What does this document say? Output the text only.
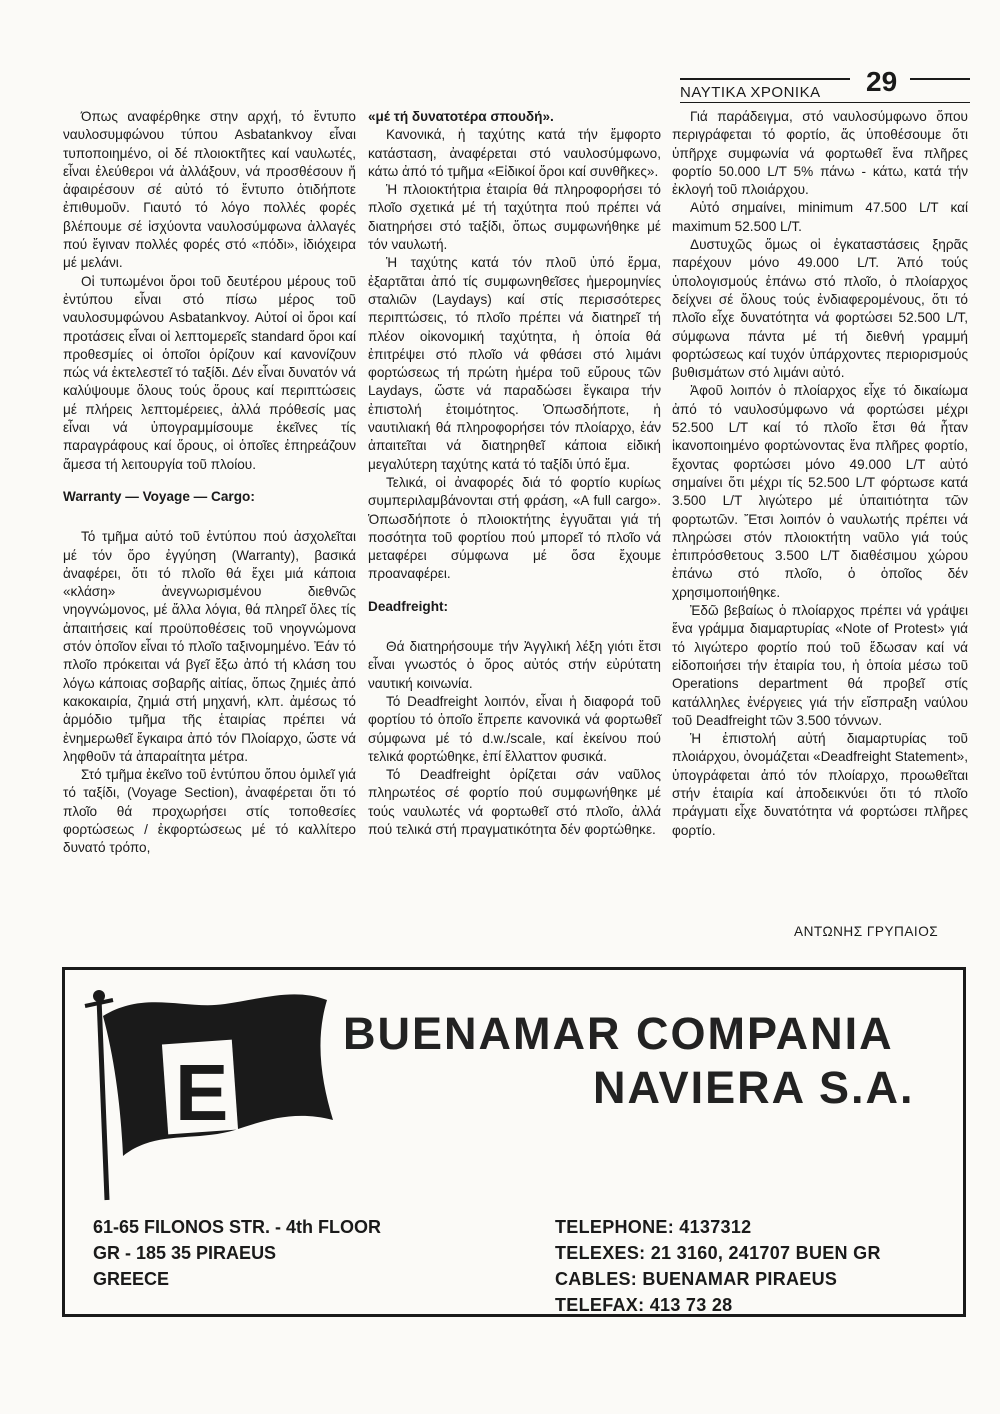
ΝΑΥΤΙΚΑ ΧΡΟΝΙΚΑ 29

Όπως αναφέρθηκε στην αρχή, τό ἔντυπο ναυλοσυμφώνου τύπου Asbatankvoy εἶναι τυποποιημένο, οἱ δέ πλοιοκτῆτες καί ναυλωτές, εἶναι ἐλεύθεροι νά ἀλλάξουν, νά προσθέσουν ἤ ἀφαιρέσουν σέ αὐτό τό ἔντυπο ὁτιδήποτε ἐπιθυμοῦν. Γιαυτό τό λόγο πολλές φορές βλέπουμε σέ ἰσχύοντα ναυλοσύμφωνα ἀλλαγές πού ἔγιναν πολλές φορές στό «πόδι», ἰδιόχειρα μέ μελάνι.

Οἱ τυπωμένοι ὅροι τοῦ δευτέρου μέρους τοῦ ἐντύπου εἶναι στό πίσω μέρος τοῦ ναυλοσυμφώνου Asbatankvoy. Αὐτοί οἱ ὅροι καί προτάσεις εἶναι οἱ λεπτομερεῖς standard ὅροι καί προθεσμίες οἱ ὁποῖοι ὁρίζουν καί κανονίζουν πώς νά ἐκτελεστεῖ τό ταξίδι. Δέν εἶναι δυνατόν νά καλύψουμε ὅλους τούς ὅρους καί περιπτώσεις μέ πλήρεις λεπτομέρειες, ἀλλά πρόθεσίς μας εἶναι νά ὑπογραμμίσουμε ἐκεῖνες τίς παραγράφους καί ὅρους, οἱ ὁποῖες ἐπηρεάζουν ἄμεσα τή λειτουργία τοῦ πλοίου.

Warranty — Voyage — Cargo:

Τό τμῆμα αὐτό τοῦ ἐντύπου πού ἀσχολεῖται μέ τόν ὅρο ἐγγύηση (Warranty), βασικά ἀναφέρει, ὅτι τό πλοῖο θά ἔχει μιά κάποια «κλάση» ἀνεγνωρισμένου διεθνῶς νηογνώμονος, μέ ἄλλα λόγια, θά πληρεῖ ὅλες τίς ἀπαιτήσεις καί προϋποθέσεις τοῦ νηογνώμονα στόν ὁποῖον εἶναι τό πλοῖο ταξινομημένο. Ἐάν τό πλοῖο πρόκειται νά βγεῖ ἔξω ἀπό τή κλάση του λόγω κάποιας σοβαρῆς αἰτίας, ὅπως ζημιές ἀπό κακοκαιρία, ζημιά στή μηχανή, κλπ. ἀμέσως τό ἁρμόδιο τμῆμα τῆς ἑταιρίας πρέπει νά ἐνημερωθεῖ ἔγκαιρα ἀπό τόν Πλοίαρχο, ὥστε νά ληφθοῦν τά ἀπαραίτητα μέτρα.

Στό τμῆμα ἐκεῖνο τοῦ ἐντύπου ὅπου ὁμιλεῖ γιά τό ταξίδι, (Voyage Section), ἀναφέρεται ὅτι τό πλοῖο θά προχωρήσει στίς τοποθεσίες φορτώσεως / ἐκφορτώσεως μέ τό καλλίτερο δυνατό τρόπο,

«μέ τή δυνατοτέρα σπουδή».

Κανονικά, ἡ ταχύτης κατά τήν ἔμφορτο κατάσταση, ἀναφέρεται στό ναυλοσύμφωνο, κάτω ἀπό τό τμῆμα «Εἰδικοί ὅροι καί συνθῆκες».

Ἡ πλοιοκτήτρια ἑταιρία θά πληροφορήσει τό πλοῖο σχετικά μέ τή ταχύτητα πού πρέπει νά διατηρήσει στό ταξίδι, ὅπως συμφωνήθηκε μέ τόν ναυλωτή.

Ἡ ταχύτης κατά τόν πλοῦ ὑπό ἔρμα, ἐξαρτᾶται ἀπό τίς συμφωνηθεῖσες ἡμερομηνίες σταλιῶν (Laydays) καί στίς περισσότερες περιπτώσεις, τό πλοῖο πρέπει νά διατηρεῖ τή πλέον οἰκονομική ταχύτητα, ἡ ὁποία θά ἐπιτρέψει στό πλοῖο νά φθάσει στό λιμάνι φορτώσεως τή πρώτη ἡμέρα τοῦ εὔρους τῶν Laydays, ὥστε νά παραδώσει ἔγκαιρα τήν ἐπιστολή ἑτοιμότητος. Ὁπωσδήποτε, ἡ ναυτιλιακή θά πληροφορήσει τόν πλοίαρχο, ἐάν ἀπαιτεῖται νά διατηρηθεῖ κάποια εἰδική μεγαλύτερη ταχύτης κατά τό ταξίδι ὑπό ἔμα.

Τελικά, οἱ ἀναφορές διά τό φορτίο κυρίως συμπεριλαμβάνονται στή φράση, «A full cargo». Ὁπωσδήποτε ὁ πλοιοκτήτης ἐγγυᾶται γιά τή ποσότητα τοῦ φορτίου πού μπορεῖ τό πλοῖο νά μεταφέρει σύμφωνα μέ ὅσα ἔχουμε προαναφέρει.

Deadfreight:

Θά διατηρήσουμε τήν Ἀγγλική λέξη γιότι ἔτσι εἶναι γνωστός ὁ ὅρος αὐτός στήν εὐρύτατη ναυτική κοινωνία.

Τό Deadfreight λοιπόν, εἶναι ἡ διαφορά τοῦ φορτίου τό ὁποῖο ἔπρεπε κανονικά νά φορτωθεῖ σύμφωνα μέ τό d.w./scale, καί ἐκείνου πού τελικά φορτώθηκε, ἐπί ἔλλαττον φυσικά.

Τό Deadfreight ὁρίζεται σάν ναῦλος πληρωτέος σέ φορτίο πού συμφωνήθηκε μέ τούς ναυλωτές νά φορτωθεῖ στό πλοῖο, ἀλλά πού τελικά στή πραγματικότητα δέν φορτώθηκε.

Γιά παράδειγμα, στό ναυλοσύμφωνο ὅπου περιγράφεται τό φορτίο, ἄς ὑποθέσουμε ὅτι ὑπῆρχε συμφωνία νά φορτωθεῖ ἕνα πλῆρες φορτίο 50.000 L/T 5% πάνω - κάτω, κατά τήν ἐκλογή τοῦ πλοιάρχου.

Αὐτό σημαίνει, minimum 47.500 L/T καί maximum 52.500 L/T.

Δυστυχῶς ὅμως οἱ ἐγκαταστάσεις ξηρᾶς παρέχουν μόνο 49.000 L/T. Ἀπό τούς ὑπολογισμούς ἐπάνω στό πλοῖο, ὁ πλοίαρχος δείχνει σέ ὅλους τούς ἐνδιαφερομένους, ὅτι τό πλοῖο εἶχε δυνατότητα νά φορτώσει 52.500 L/T, σύμφωνα πάντα μέ τή διεθνή γραμμή φορτώσεως καί τυχόν ὑπάρχοντες περιορισμούς βυθισμάτων στό λιμάνι αὐτό.

Ἀφοῦ λοιπόν ὁ πλοίαρχος εἶχε τό δικαίωμα ἀπό τό ναυλοσύμφωνο νά φορτώσει μέχρι 52.500 L/T καί τό πλοῖο ἔτσι θά ἦταν ἱκανοποιημένο φορτώνοντας ἕνα πλῆρες φορτίο, ἔχοντας φορτώσει μόνο 49.000 L/T αὐτό σημαίνει ὅτι μέχρι τίς 52.500 L/T φόρτωσε κατά 3.500 L/T λιγώτερο μέ ὑπαιτιότητα τῶν φορτωτῶν. Ἔτσι λοιπόν ὁ ναυλωτής πρέπει νά πληρώσει στόν πλοιοκτήτη ναῦλο γιά τούς ἐπιπρόσθετους 3.500 L/T διαθέσιμου χώρου ἐπάνω στό πλοῖο, ὁ ὁποῖος δέν χρησιμοποιήθηκε.

Ἐδῶ βεβαίως ὁ πλοίαρχος πρέπει νά γράψει ἕνα γράμμα διαμαρτυρίας «Note of Protest» γιά τό λιγώτερο φορτίο πού τοῦ ἔδωσαν καί νά εἰδοποιήσει τήν ἑταιρία του, ἡ ὁποία μέσω τοῦ Operations department θά προβεῖ στίς κατάλληλες ἐνέργειες γιά τήν εἴσπραξη ναύλου τοῦ Deadfreight τῶν 3.500 τόννων.

Ἡ ἐπιστολή αὐτή διαμαρτυρίας τοῦ πλοιάρχου, ὀνομάζεται «Deadfreight Statement», ὑπογράφεται ἀπό τόν πλοίαρχο, προωθεῖται στήν ἑταιρία καί ἀποδεικνύει ὅτι τό πλοῖο πράγματι εἶχε δυνατότητα νά φορτώσει πλῆρες φορτίο.

ΑΝΤΩΝΗΣ ΓΡΥΠΑΙΟΣ
E
BUENAMAR COMPANIA
NAVIERA S.A.
61-65 FILONOS STR. - 4th FLOOR
GR - 185 35 PIRAEUS
GREECE
TELEPHONE: 4137312
TELEXES: 21 3160, 241707 BUEN GR
CABLES: BUENAMAR PIRAEUS
TELEFAX: 413 73 28
